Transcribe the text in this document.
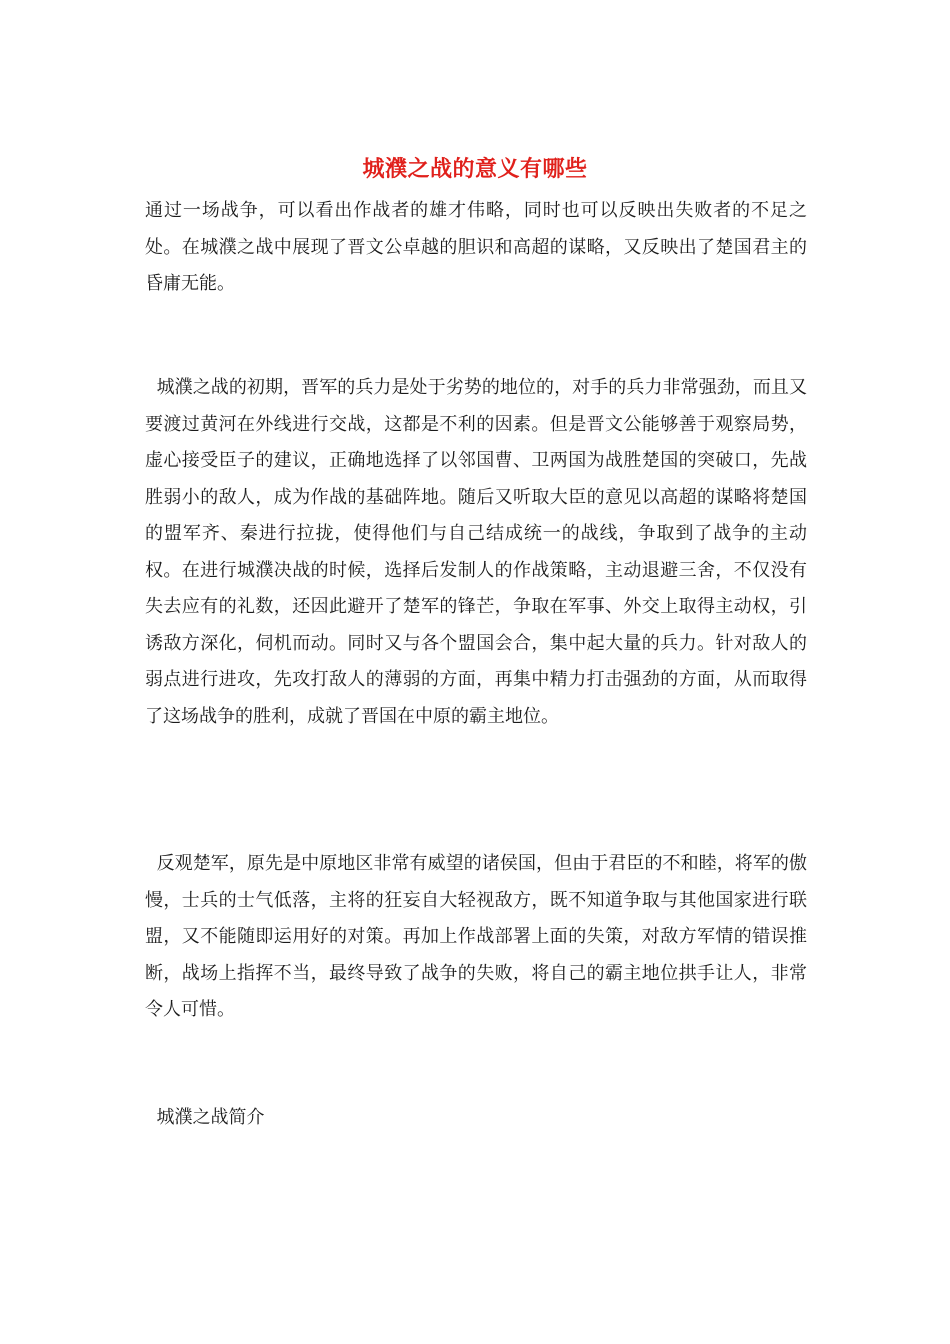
城濮之战的意义有哪些

通过一场战争，可以看出作战者的雄才伟略，同时也可以反映出失败者的不足之处。在城濮之战中展现了晋文公卓越的胆识和高超的谋略，又反映出了楚国君主的昏庸无能。

城濮之战的初期，晋军的兵力是处于劣势的地位的，对手的兵力非常强劲，而且又要渡过黄河在外线进行交战，这都是不利的因素。但是晋文公能够善于观察局势，虚心接受臣子的建议，正确地选择了以邻国曹、卫两国为战胜楚国的突破口，先战胜弱小的敌人，成为作战的基础阵地。随后又听取大臣的意见以高超的谋略将楚国的盟军齐、秦进行拉拢，使得他们与自己结成统一的战线，争取到了战争的主动权。在进行城濮决战的时候，选择后发制人的作战策略，主动退避三舍，不仅没有失去应有的礼数，还因此避开了楚军的锋芒，争取在军事、外交上取得主动权，引诱敌方深化，伺机而动。同时又与各个盟国会合，集中起大量的兵力。针对敌人的弱点进行进攻，先攻打敌人的薄弱的方面，再集中精力打击强劲的方面，从而取得了这场战争的胜利，成就了晋国在中原的霸主地位。

反观楚军，原先是中原地区非常有威望的诸侯国，但由于君臣的不和睦，将军的傲慢，士兵的士气低落，主将的狂妄自大轻视敌方，既不知道争取与其他国家进行联盟，又不能随即运用好的对策。再加上作战部署上面的失策，对敌方军情的错误推断，战场上指挥不当，最终导致了战争的失败，将自己的霸主地位拱手让人，非常令人可惜。

城濮之战简介
